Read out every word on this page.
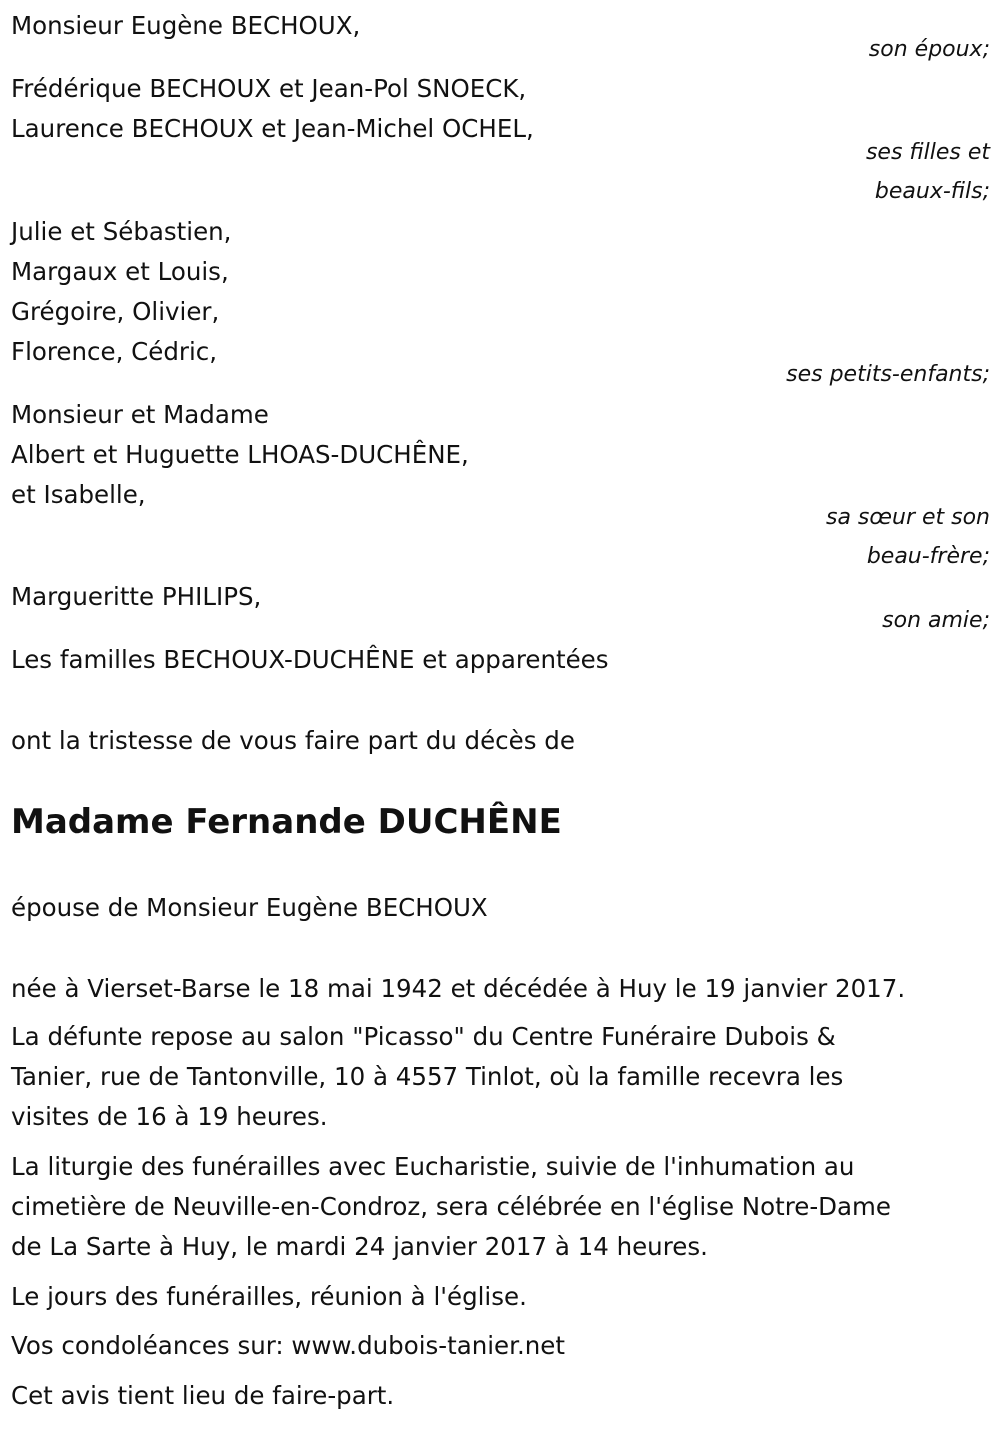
Monsieur Eugène BECHOUX,
son époux;
Frédérique BECHOUX et Jean-Pol SNOECK,
Laurence BECHOUX et Jean-Michel OCHEL,
ses filles et
beaux-fils;
Julie et Sébastien,
Margaux et Louis,
Grégoire, Olivier,
Florence, Cédric,
ses petits-enfants;
Monsieur et Madame
Albert et Huguette LHOAS-DUCHÊNE,
et Isabelle,
sa sœur et son
beau-frère;
Margueritte PHILIPS,
son amie;
Les familles BECHOUX-DUCHÊNE et apparentées
ont la tristesse de vous faire part du décès de
Madame Fernande DUCHÊNE
épouse de Monsieur Eugène BECHOUX
née à Vierset-Barse le 18 mai 1942 et décédée à Huy le 19 janvier 2017.
La défunte repose au salon "Picasso" du Centre Funéraire Dubois &
Tanier, rue de Tantonville, 10 à 4557 Tinlot, où la famille recevra les
visites de 16 à 19 heures.
La liturgie des funérailles avec Eucharistie, suivie de l'inhumation au
cimetière de Neuville-en-Condroz, sera célébrée en l'église Notre-Dame
de La Sarte à Huy, le mardi 24 janvier 2017 à 14 heures.
Le jours des funérailles, réunion à l'église.
Vos condoléances sur: www.dubois-tanier.net
Cet avis tient lieu de faire-part.
